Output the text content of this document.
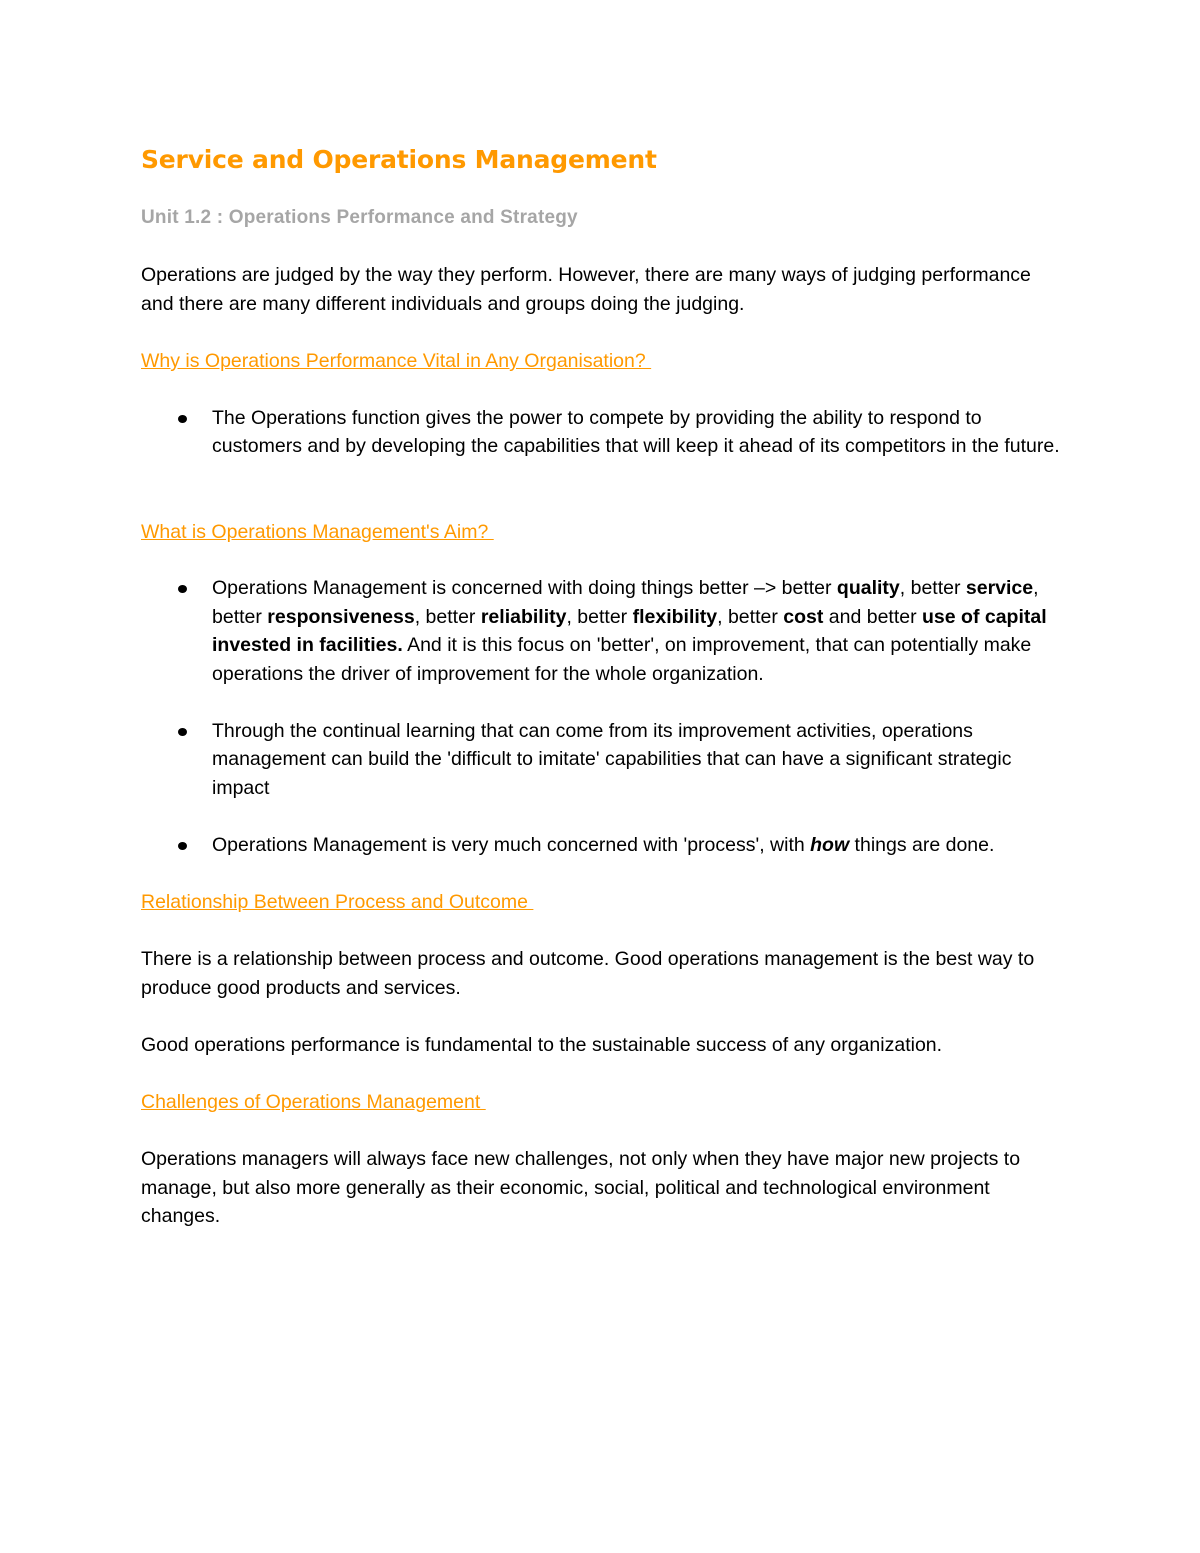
Service and Operations Management
Unit 1.2 : Operations Performance and Strategy

Operations are judged by the way they perform. However, there are many ways of judging performance and there are many different individuals and groups doing the judging.

Why is Operations Performance Vital in Any Organisation?
The Operations function gives the power to compete by providing the ability to respond to customers and by developing the capabilities that will keep it ahead of its competitors in the future.
What is Operations Management's Aim?
Operations Management is concerned with doing things better –> better quality, better service, better responsiveness, better reliability, better flexibility, better cost and better use of capital invested in facilities. And it is this focus on 'better', on improvement, that can potentially make operations the driver of improvement for the whole organization.
Through the continual learning that can come from its improvement activities, operations management can build the 'difficult to imitate' capabilities that can have a significant strategic impact
Operations Management is very much concerned with 'process', with how things are done.
Relationship Between Process and Outcome

There is a relationship between process and outcome. Good operations management is the best way to produce good products and services.

Good operations performance is fundamental to the sustainable success of any organization.

Challenges of Operations Management

Operations managers will always face new challenges, not only when they have major new projects to manage, but also more generally as their economic, social, political and technological environment changes.
